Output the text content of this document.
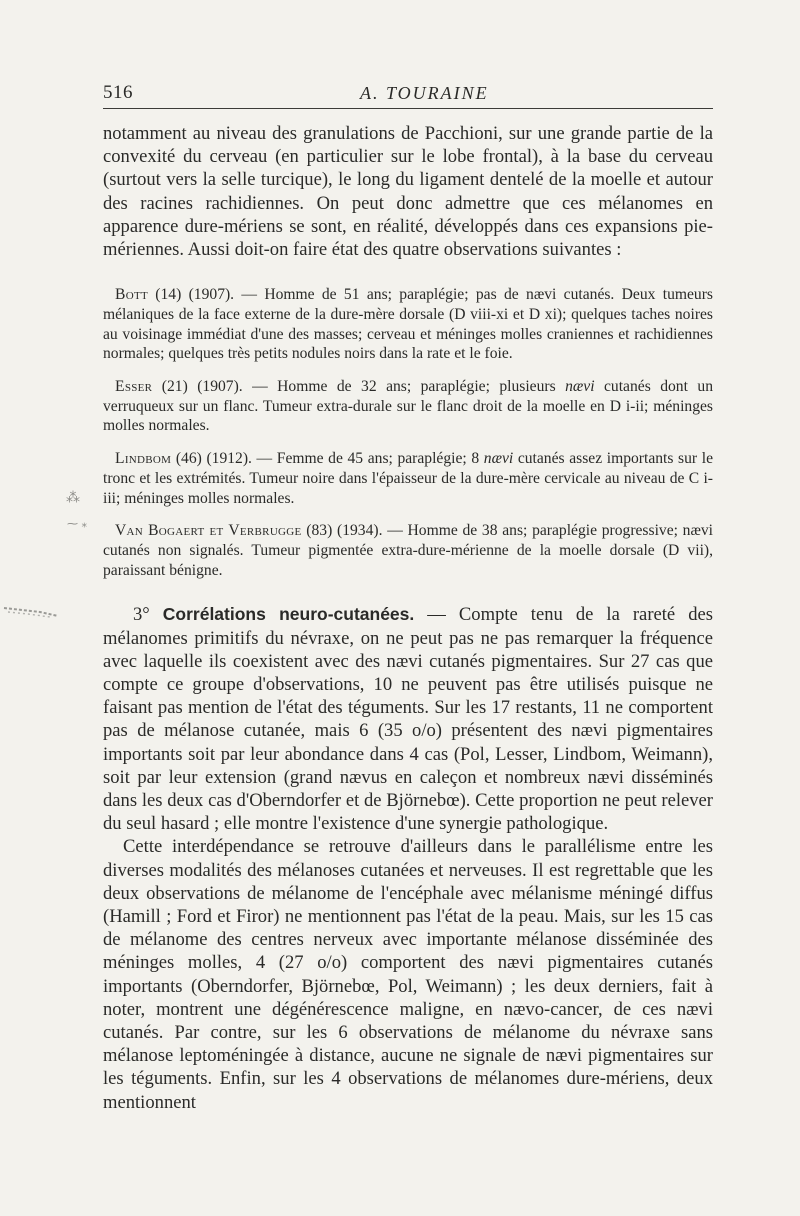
⁂
⁓ ⁎
516	A. TOURAINE

notamment au niveau des granulations de Pacchioni, sur une grande partie de la convexité du cerveau (en particulier sur le lobe frontal), à la base du cerveau (surtout vers la selle turcique), le long du ligament dentelé de la moelle et autour des racines rachidiennes. On peut donc admettre que ces mélanomes en apparence dure-mériens se sont, en réalité, développés dans ces expansions pie-mériennes. Aussi doit-on faire état des quatre observations suivantes :

Bott (14) (1907). — Homme de 51 ans; paraplégie; pas de nævi cutanés. Deux tumeurs mélaniques de la face externe de la dure-mère dorsale (D viii-xi et D xi); quelques taches noires au voisinage immédiat d'une des masses; cerveau et méninges molles craniennes et rachidiennes normales; quelques très petits nodules noirs dans la rate et le foie.

Esser (21) (1907). — Homme de 32 ans; paraplégie; plusieurs nævi cutanés dont un verruqueux sur un flanc. Tumeur extra-durale sur le flanc droit de la moelle en D i-ii; méninges molles normales.

Lindbom (46) (1912). — Femme de 45 ans; paraplégie; 8 nævi cutanés assez importants sur le tronc et les extrémités. Tumeur noire dans l'épaisseur de la dure-mère cervicale au niveau de C i-iii; méninges molles normales.

Van Bogaert et Verbrugge (83) (1934). — Homme de 38 ans; paraplégie progressive; nævi cutanés non signalés. Tumeur pigmentée extra-dure-mérienne de la moelle dorsale (D vii), paraissant bénigne.

3° Corrélations neuro-cutanées. — Compte tenu de la rareté des mélanomes primitifs du névraxe, on ne peut pas ne pas remarquer la fréquence avec laquelle ils coexistent avec des nævi cutanés pigmentaires. Sur 27 cas que compte ce groupe d'observations, 10 ne peuvent pas être utilisés puisque ne faisant pas mention de l'état des téguments. Sur les 17 restants, 11 ne comportent pas de mélanose cutanée, mais 6 (35 o/o) présentent des nævi pigmentaires importants soit par leur abondance dans 4 cas (Pol, Lesser, Lindbom, Weimann), soit par leur extension (grand nævus en caleçon et nombreux nævi disséminés dans les deux cas d'Oberndorfer et de Björnebœ). Cette proportion ne peut relever du seul hasard ; elle montre l'existence d'une synergie pathologique.

Cette interdépendance se retrouve d'ailleurs dans le parallélisme entre les diverses modalités des mélanoses cutanées et nerveuses. Il est regrettable que les deux observations de mélanome de l'encéphale avec mélanisme méningé diffus (Hamill ; Ford et Firor) ne mentionnent pas l'état de la peau. Mais, sur les 15 cas de mélanome des centres nerveux avec importante mélanose disséminée des méninges molles, 4 (27 o/o) comportent des nævi pigmentaires cutanés importants (Oberndorfer, Björnebœ, Pol, Weimann) ; les deux derniers, fait à noter, montrent une dégénérescence maligne, en nævo-cancer, de ces nævi cutanés. Par contre, sur les 6 observations de mélanome du névraxe sans mélanose leptoméningée à distance, aucune ne signale de nævi pigmentaires sur les téguments. Enfin, sur les 4 observations de mélanomes dure-mériens, deux mentionnent
